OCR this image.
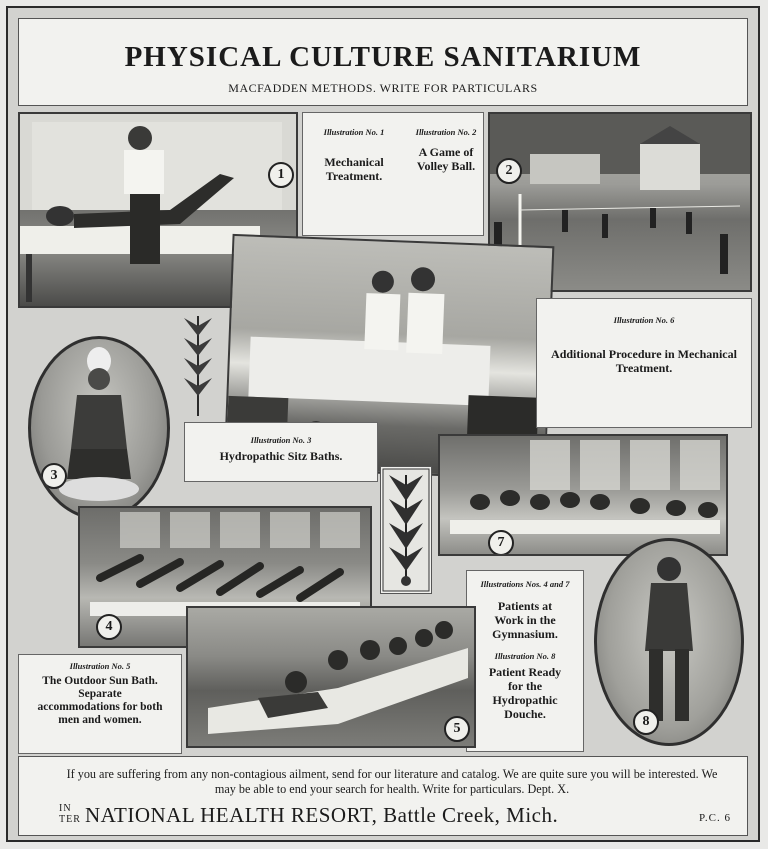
PHYSICAL CULTURE SANITARIUM
MACFADDEN METHODS. WRITE FOR PARTICULARS
1
Illustration No. 1
Mechanical Treatment.
Illustration No. 2
A Game of Volley Ball.	2
3
Illustration No. 6
Additional Procedure in Mechanical Treatment.
Illustration No. 3
Hydropathic Sitz Baths.
7
4
Illustrations Nos. 4 and 7
Patients at Work in the Gymnasium.
Illustration No. 8
Patient Ready for the Hydropathic Douche.	8
5
Illustration No. 5
The Outdoor Sun Bath. Separate accommodations for both men and women.
If you are suffering from any non-contagious ailment, send for our literature and catalog. We are quite sure you will be interested. We may be able to end your search for health. Write for particulars. Dept. X.
IN TER NATIONAL HEALTH RESORT, Battle Creek, Mich.	P.C. 6
